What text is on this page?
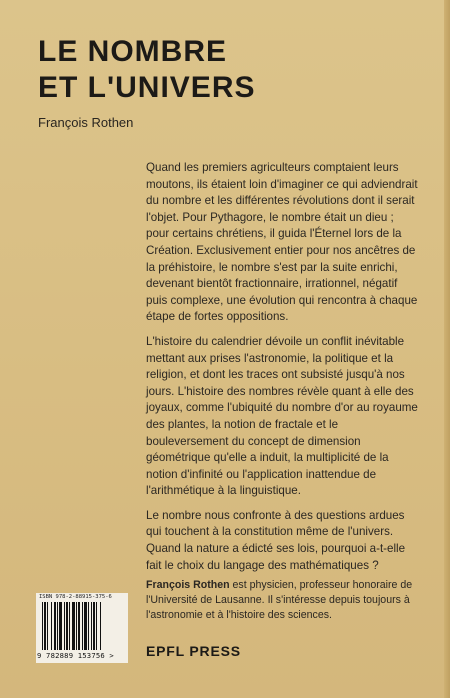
LE NOMBRE
ET L'UNIVERS
François Rothen

Quand les premiers agriculteurs comptaient leurs moutons, ils étaient loin d'imaginer ce qui adviendrait du nombre et les différentes révolutions dont il serait l'objet. Pour Pythagore, le nombre était un dieu ; pour certains chrétiens, il guida l'Éternel lors de la Création. Exclusivement entier pour nos ancêtres de la préhistoire, le nombre s'est par la suite enrichi, devenant bientôt fractionnaire, irrationnel, négatif puis complexe, une évolution qui rencontra à chaque étape de fortes oppositions.

L'histoire du calendrier dévoile un conflit inévitable mettant aux prises l'astronomie, la politique et la religion, et dont les traces ont subsisté jusqu'à nos jours. L'histoire des nombres révèle quant à elle des joyaux, comme l'ubiquité du nombre d'or au royaume des plantes, la notion de fractale et le bouleversement du concept de dimension géométrique qu'elle a induit, la multiplicité de la notion d'infinité ou l'application inattendue de l'arithmétique à la linguistique.

Le nombre nous confronte à des questions ardues qui touchent à la constitution même de l'univers. Quand la nature a édicté ses lois, pourquoi a-t-elle fait le choix du langage des mathématiques ?

François Rothen est physicien, professeur honoraire de l'Université de Lausanne. Il s'intéresse depuis toujours à l'astronomie et à l'histoire des sciences.
ISBN 978-2-88915-375-6
9 782889 153756 > EPFL PRESS
